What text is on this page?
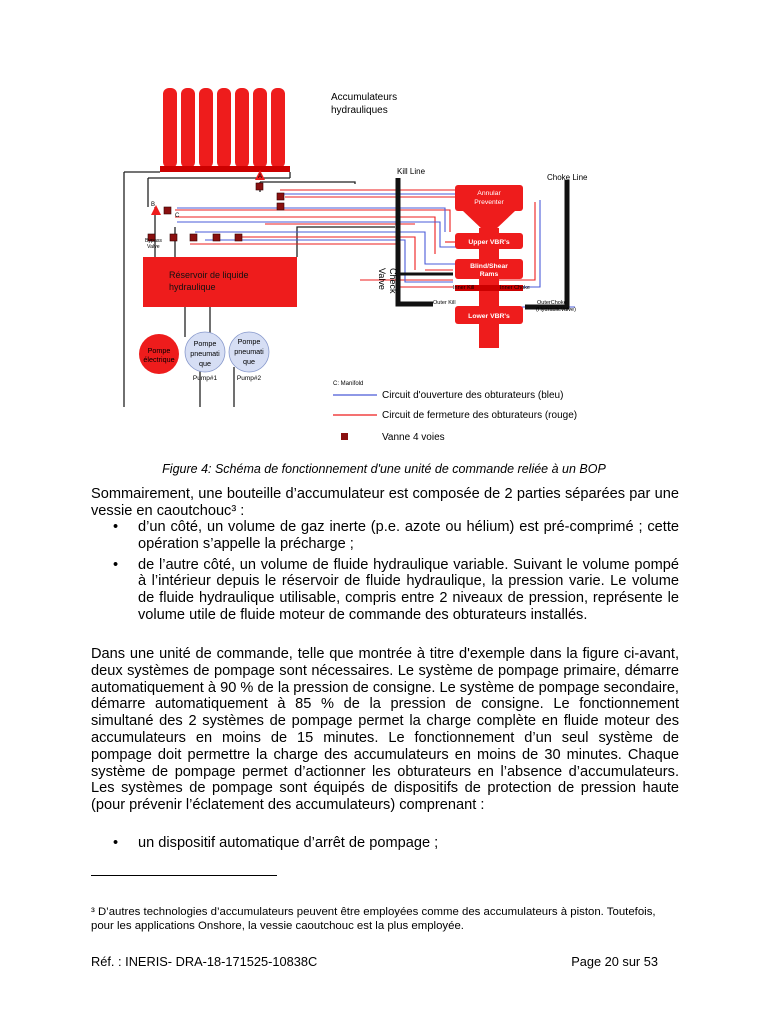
Accumulateurs
hydrauliques
Kill Line
Choke Line
Annular
Preventer
Upper VBR's
Blind/Shear
Rams
Lower VBR's
Check
Valve	Inner Kill
Outer Kill
Inner Choke
OuterChoke
(HydraulicValve)
A
B
C
Bypass
Valve
Réservoir de liquide
hydraulique
Pompe
électrique
Pompe
pneumati
que
Pump#1
Pompe
pneumati
que
Pump#2
C: Manifold
Circuit d'ouverture des obturateurs (bleu)
Circuit de fermeture des obturateurs (rouge)
Vanne 4 voies
Figure 4: Schéma de fonctionnement d'une unité de commande reliée à un BOP
Sommairement, une bouteille d’accumulateur est composée de 2 parties séparées par une vessie en caoutchouc³ :
• d’un côté, un volume de gaz inerte (p.e. azote ou hélium) est pré-comprimé ; cette opération s’appelle la précharge ;
• de l’autre côté, un volume de fluide hydraulique variable. Suivant le volume pompé à l’intérieur depuis le réservoir de fluide hydraulique, la pression varie. Le volume de fluide hydraulique utilisable, compris entre 2 niveaux de pression, représente le volume utile de fluide moteur de commande des obturateurs installés.
Dans une unité de commande, telle que montrée à titre d'exemple dans la figure ci-avant, deux systèmes de pompage sont nécessaires. Le système de pompage primaire, démarre automatiquement à 90 % de la pression de consigne. Le système de pompage secondaire, démarre automatiquement à 85 % de la pression de consigne. Le fonctionnement simultané des 2 systèmes de pompage permet la charge complète en fluide moteur des accumulateurs en moins de 15 minutes. Le fonctionnement d’un seul système de pompage doit permettre la charge des accumulateurs en moins de 30 minutes. Chaque système de pompage permet d’actionner les obturateurs en l’absence d’accumulateurs. Les systèmes de pompage sont équipés de dispositifs de protection de pression haute (pour prévenir l’éclatement des accumulateurs) comprenant :
• un dispositif automatique d’arrêt de pompage ;
³ D’autres technologies d’accumulateurs peuvent être employées comme des accumulateurs à piston. Toutefois, pour les applications Onshore, la vessie caoutchouc est la plus employée.
Réf. : INERIS- DRA-18-171525-10838C	Page 20 sur 53
